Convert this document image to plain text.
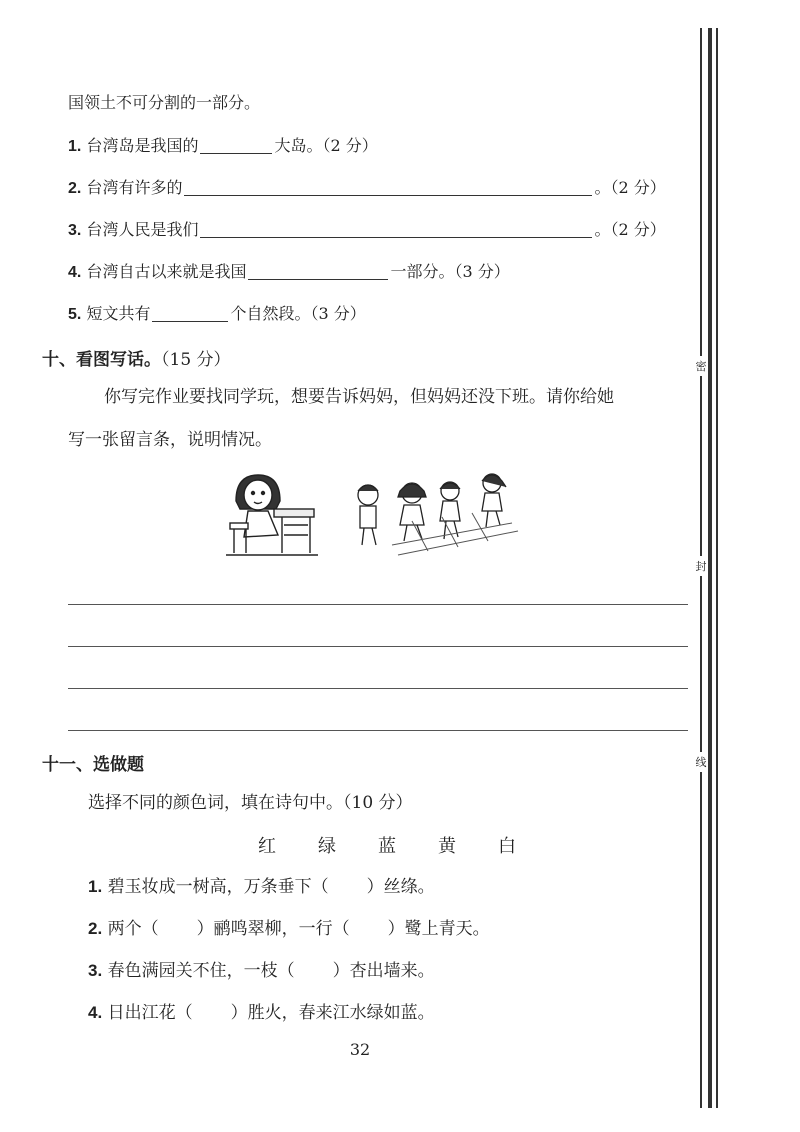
国领土不可分割的一部分。
1. 台湾岛是我国的	大岛。（2 分）
2. 台湾有许多的	。（2 分）
3. 台湾人民是我们	。（2 分）
4. 台湾自古以来就是我国	一部分。（3 分）
5. 短文共有	个自然段。（3 分）
十、看图写话。（15 分）
你写完作业要找同学玩，想要告诉妈妈，但妈妈还没下班。请你给她
写一张留言条，说明情况。
十一、选做题
选择不同的颜色词，填在诗句中。（10 分）
红 绿 蓝 黄 白
1. 碧玉妆成一树高，万条垂下（ ）丝绦。
2. 两个（ ）鹂鸣翠柳，一行（ ）鹭上青天。
3. 春色满园关不住，一枝（ ）杏出墙来。
4. 日出江花（ ）胜火，春来江水绿如蓝。
32
密
封
线
